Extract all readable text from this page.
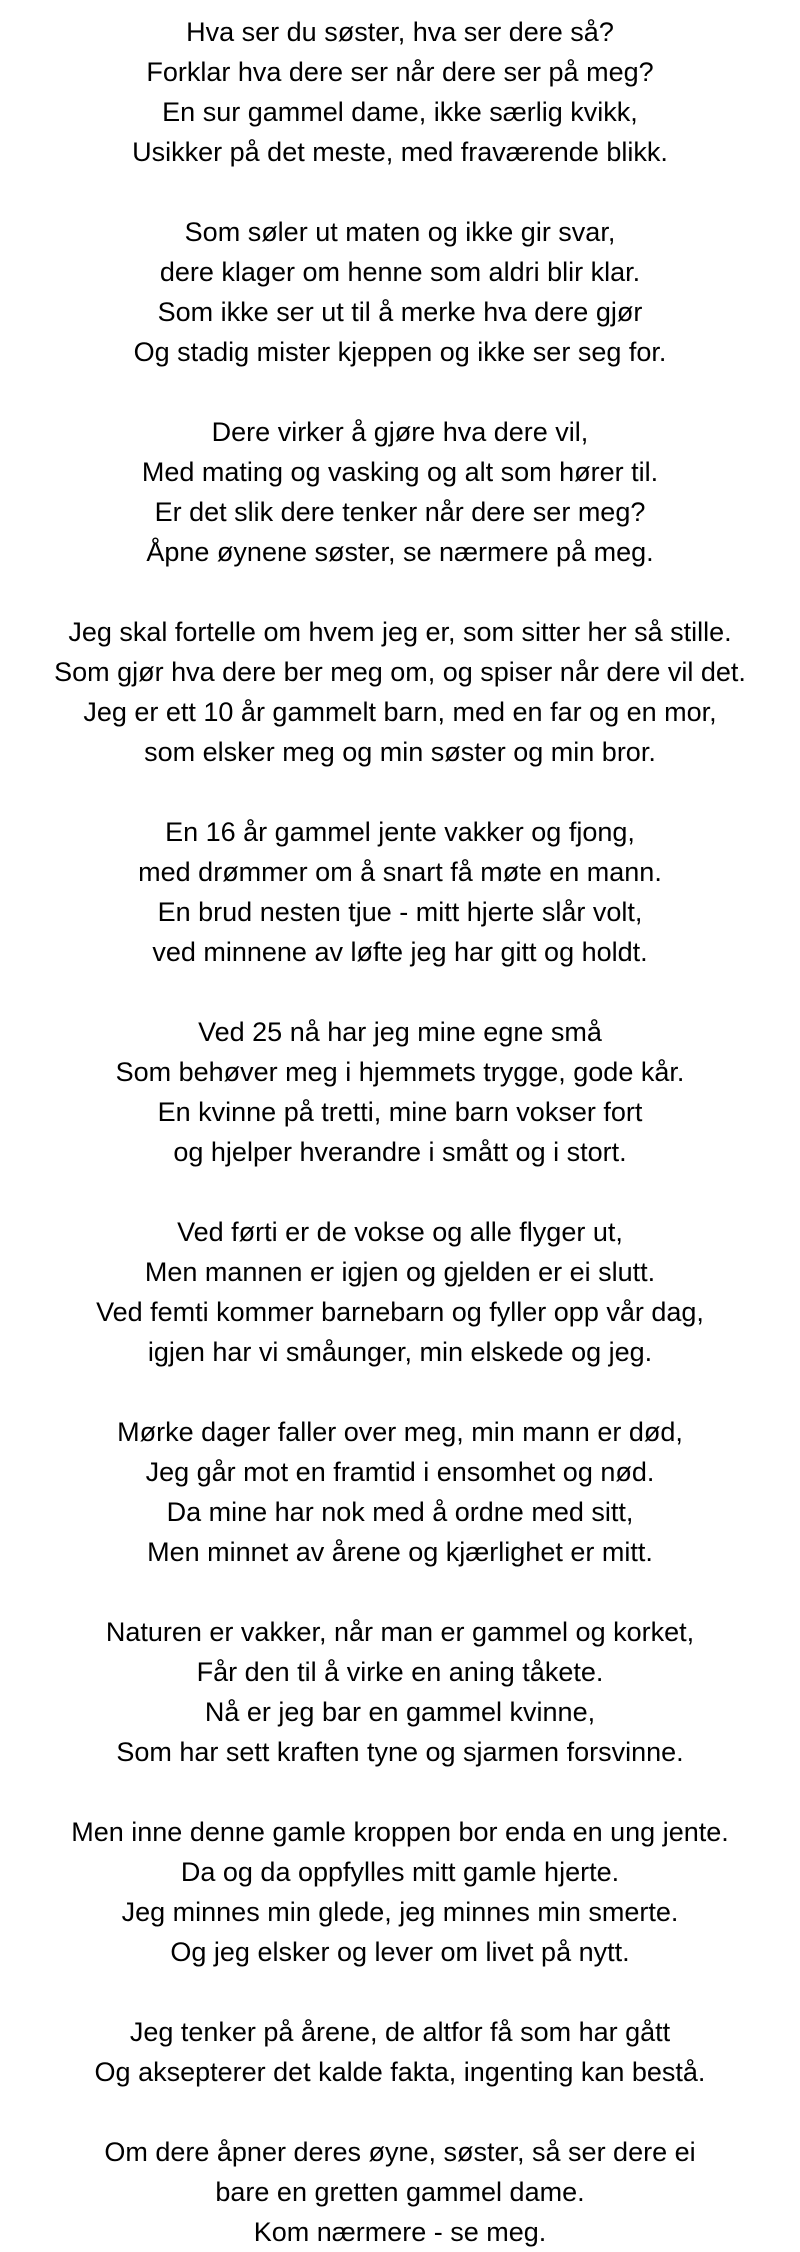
Hva ser du søster, hva ser dere så?
Forklar hva dere ser når dere ser på meg?
En sur gammel dame, ikke særlig kvikk,
Usikker på det meste, med fraværende blikk.
Som søler ut maten og ikke gir svar,
dere klager om henne som aldri blir klar.
Som ikke ser ut til å merke hva dere gjør
Og stadig mister kjeppen og ikke ser seg for.
Dere virker å gjøre hva dere vil,
Med mating og vasking og alt som hører til.
Er det slik dere tenker når dere ser meg?
Åpne øynene søster, se nærmere på meg.
Jeg skal fortelle om hvem jeg er, som sitter her så stille.
Som gjør hva dere ber meg om, og spiser når dere vil det.
Jeg er ett 10 år gammelt barn, med en far og en mor,
som elsker meg og min søster og min bror.
En 16 år gammel jente vakker og fjong,
med drømmer om å snart få møte en mann.
En brud nesten tjue - mitt hjerte slår volt,
ved minnene av løfte jeg har gitt og holdt.
Ved 25 nå har jeg mine egne små
Som behøver meg i hjemmets trygge, gode kår.
En kvinne på tretti, mine barn vokser fort
og hjelper hverandre i smått og i stort.
Ved førti er de vokse og alle flyger ut,
Men mannen er igjen og gjelden er ei slutt.
Ved femti kommer barnebarn og fyller opp vår dag,
igjen har vi småunger, min elskede og jeg.
Mørke dager faller over meg, min mann er død,
Jeg går mot en framtid i ensomhet og nød.
Da mine har nok med å ordne med sitt,
Men minnet av årene og kjærlighet er mitt.
Naturen er vakker, når man er gammel og korket,
Får den til å virke en aning tåkete.
Nå er jeg bar en gammel kvinne,
Som har sett kraften tyne og sjarmen forsvinne.
Men inne denne gamle kroppen bor enda en ung jente.
Da og da oppfylles mitt gamle hjerte.
Jeg minnes min glede, jeg minnes min smerte.
Og jeg elsker og lever om livet på nytt.
Jeg tenker på årene, de altfor få som har gått
Og aksepterer det kalde fakta, ingenting kan bestå.
Om dere åpner deres øyne, søster, så ser dere ei
bare en gretten gammel dame.
Kom nærmere - se meg.
